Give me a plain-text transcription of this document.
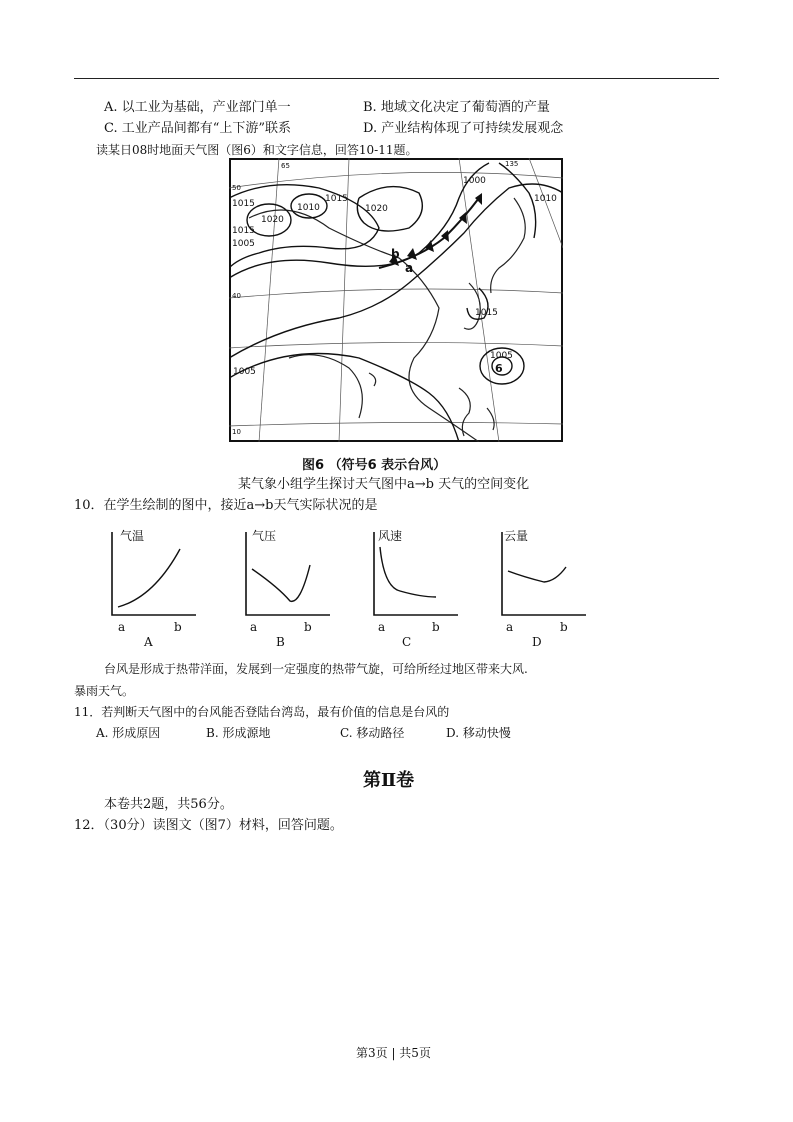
A. 以工业为基础，产业部门单一	B. 地域文化决定了葡萄酒的产量
C. 工业产品间都有“上下游”联系	D. 产业结构体现了可持续发展观念
读某日08时地面天气图（图6）和文字信息，回答10-11题。
1015
1020
1010
1015
1020
1015
1005
1000
1010
1015
1005
1005
b
a
6
65	135
50
40
10
图6 （符号6 表示台风）
某气象小组学生探讨天气图中a→b 天气的空间变化
10．在学生绘制的图中，接近a→b天气实际状况的是
气温
a	b
A
气压
a	b
B
风速
a	b
C
云量
a	b
D
台风是形成于热带洋面，发展到一定强度的热带气旋，可给所经过地区带来大风.
暴雨天气。
11．若判断天气图中的台风能否登陆台湾岛，最有价值的信息是台风的
A. 形成原因	B. 形成源地	C. 移动路径	D. 移动快慢
第Ⅱ卷
本卷共2题，共56分。
12．（30分）读图文（图7）材料，回答问题。
第3页 | 共5页
